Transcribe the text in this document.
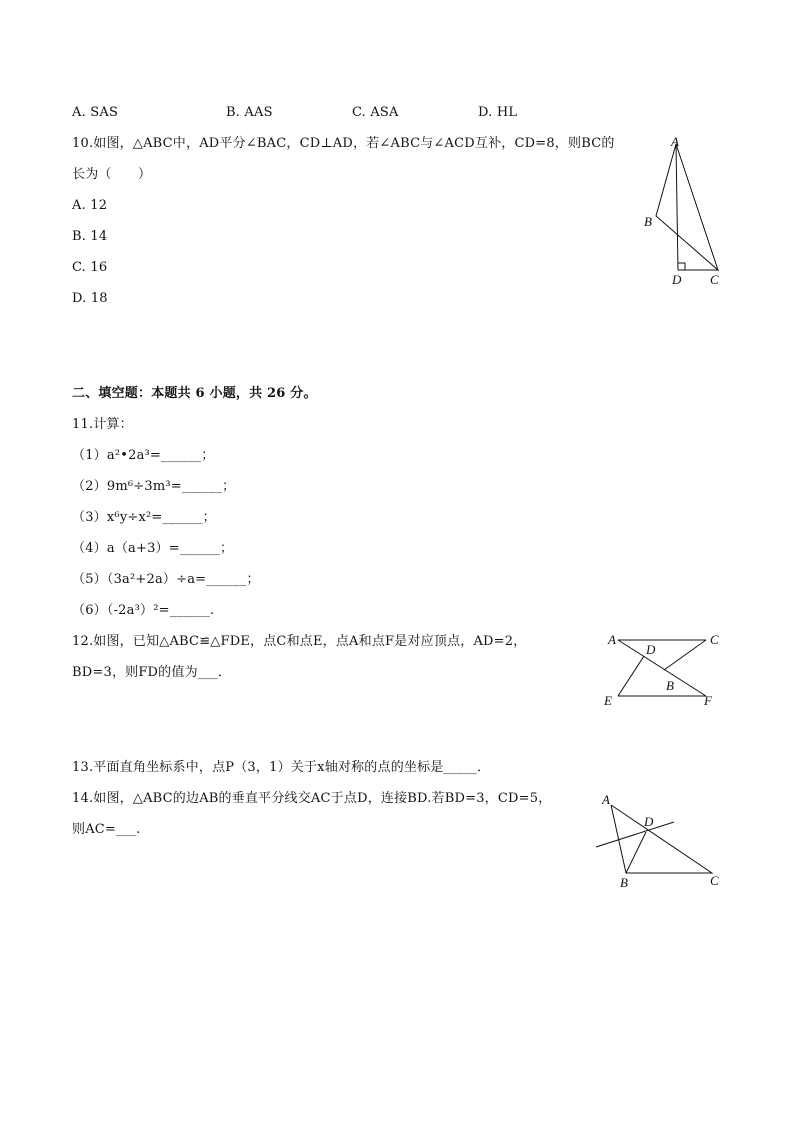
A. SAS	B. AAS	C. ASA	D. HL
10.如图，△ABC中，AD平分∠BAC，CD⊥AD，若∠ABC与∠ACD互补，CD=8，则BC的
长为（　　）
A. 12
B. 14
C. 16
D. 18
A
B
D C
二、填空题：本题共 6 小题，共 26 分。
11.计算：
（1）a²•2a³=______；
（2）9m⁶÷3m³=______；
（3）x⁶y÷x²=______；
（4）a（a+3）=______；
（5）（3a²+2a）÷a=______；
（6）（-2a³）²=______.
12.如图，已知△ABC≌△FDE，点C和点E，点A和点F是对应顶点，AD=2，
BD=3，则FD的值为___．
A
D
C
B
E	F
13.平面直角坐标系中，点P（3，1）关于x轴对称的点的坐标是_____．
14.如图，△ABC的边AB的垂直平分线交AC于点D，连接BD.若BD=3，CD=5，
则AC=___.
A
D
B	C
